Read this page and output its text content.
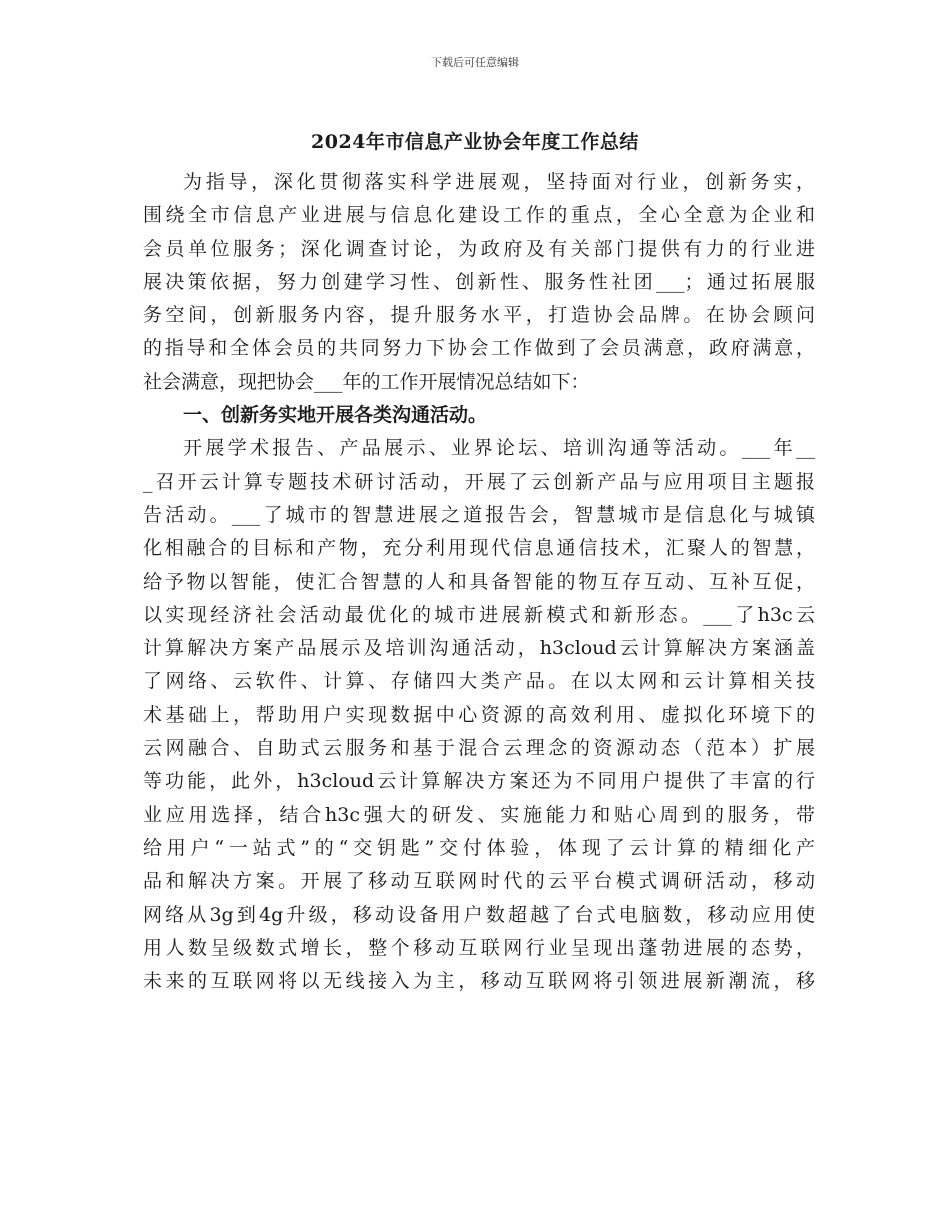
下载后可任意编辑
2024年市信息产业协会年度工作总结
为指导，深化贯彻落实科学进展观，坚持面对行业，创新务实，
围绕全市信息产业进展与信息化建设工作的重点，全心全意为企业和
会员单位服务；深化调查讨论，为政府及有关部门提供有力的行业进
展决策依据，努力创建学习性、创新性、服务性社团___；通过拓展服
务空间，创新服务内容，提升服务水平，打造协会品牌。在协会顾问
的指导和全体会员的共同努力下协会工作做到了会员满意，政府满意，
社会满意，现把协会___年的工作开展情况总结如下：
一、创新务实地开展各类沟通活动。
开展学术报告、产品展示、业界论坛、培训沟通等活动。___年__
_召开云计算专题技术研讨活动，开展了云创新产品与应用项目主题报
告活动。___了城市的智慧进展之道报告会，智慧城市是信息化与城镇
化相融合的目标和产物，充分利用现代信息通信技术，汇聚人的智慧，
给予物以智能，使汇合智慧的人和具备智能的物互存互动、互补互促，
以实现经济社会活动最优化的城市进展新模式和新形态。___了h3c云
计算解决方案产品展示及培训沟通活动，h3cloud云计算解决方案涵盖
了网络、云软件、计算、存储四大类产品。在以太网和云计算相关技
术基础上，帮助用户实现数据中心资源的高效利用、虚拟化环境下的
云网融合、自助式云服务和基于混合云理念的资源动态（范本）扩展
等功能，此外，h3cloud云计算解决方案还为不同用户提供了丰富的行
业应用选择，结合h3c强大的研发、实施能力和贴心周到的服务，带
给用户“一站式”的“交钥匙”交付体验，体现了云计算的精细化产
品和解决方案。开展了移动互联网时代的云平台模式调研活动，移动
网络从3g到4g升级，移动设备用户数超越了台式电脑数，移动应用使
用人数呈级数式增长，整个移动互联网行业呈现出蓬勃进展的态势，
未来的互联网将以无线接入为主，移动互联网将引领进展新潮流，移
